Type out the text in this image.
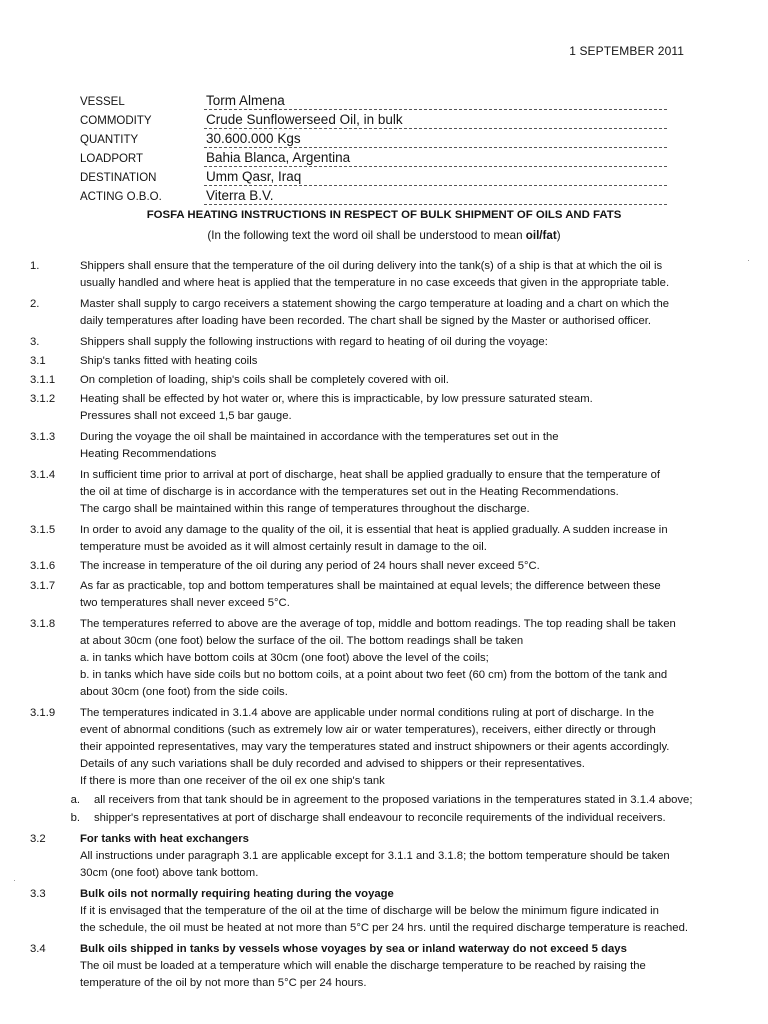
1 SEPTEMBER 2011
VESSEL	Torm Almena
COMMODITY	Crude Sunflowerseed Oil, in bulk
QUANTITY	30.600.000 Kgs
LOADPORT	Bahia Blanca, Argentina
DESTINATION	Umm Qasr, Iraq
ACTING O.B.O.	Viterra B.V.
FOSFA HEATING INSTRUCTIONS IN RESPECT OF BULK SHIPMENT OF OILS AND FATS
(In the following text the word oil shall be understood to mean oil/fat)
1.	Shippers shall ensure that the temperature of the oil during delivery into the tank(s) of a ship is that at which the oil is
usually handled and where heat is applied that the temperature in no case exceeds that given in the appropriate table.
2.	Master shall supply to cargo receivers a statement showing the cargo temperature at loading and a chart on which the
daily temperatures after loading have been recorded. The chart shall be signed by the Master or authorised officer.
3.	Shippers shall supply the following instructions with regard to heating of oil during the voyage:
3.1	Ship's tanks fitted with heating coils
3.1.1	On completion of loading, ship's coils shall be completely covered with oil.
3.1.2	Heating shall be effected by hot water or, where this is impracticable, by low pressure saturated steam.
Pressures shall not exceed 1,5 bar gauge.
3.1.3	During the voyage the oil shall be maintained in accordance with the temperatures set out in the
Heating Recommendations
3.1.4	In sufficient time prior to arrival at port of discharge, heat shall be applied gradually to ensure that the temperature of
the oil at time of discharge is in accordance with the temperatures set out in the Heating Recommendations.
The cargo shall be maintained within this range of temperatures throughout the discharge.
3.1.5	In order to avoid any damage to the quality of the oil, it is essential that heat is applied gradually. A sudden increase in
temperature must be avoided as it will almost certainly result in damage to the oil.
3.1.6	The increase in temperature of the oil during any period of 24 hours shall never exceed 5°C.
3.1.7	As far as practicable, top and bottom temperatures shall be maintained at equal levels; the difference between these
two temperatures shall never exceed 5°C.
3.1.8	The temperatures referred to above are the average of top, middle and bottom readings. The top reading shall be taken
at about 30cm (one foot) below the surface of the oil. The bottom readings shall be taken
a. in tanks which have bottom coils at 30cm (one foot) above the level of the coils;
b. in tanks which have side coils but no bottom coils, at a point about two feet (60 cm) from the bottom of the tank and
about 30cm (one foot) from the side coils.
3.1.9	The temperatures indicated in 3.1.4 above are applicable under normal conditions ruling at port of discharge. In the
event of abnormal conditions (such as extremely low air or water temperatures), receivers, either directly or through
their appointed representatives, may vary the temperatures stated and instruct shipowners or their agents accordingly.
Details of any such variations shall be duly recorded and advised to shippers or their representatives.
If there is more than one receiver of the oil ex one ship's tank
a.	all receivers from that tank should be in agreement to the proposed variations in the temperatures stated in 3.1.4 above;
b.	shipper's representatives at port of discharge shall endeavour to reconcile requirements of the individual receivers.
3.2	For tanks with heat exchangers
All instructions under paragraph 3.1 are applicable except for 3.1.1 and 3.1.8; the bottom temperature should be taken
30cm (one foot) above tank bottom.
3.3	Bulk oils not normally requiring heating during the voyage
If it is envisaged that the temperature of the oil at the time of discharge will be below the minimum figure indicated in
the schedule, the oil must be heated at not more than 5°C per 24 hrs. until the required discharge temperature is reached.
3.4	Bulk oils shipped in tanks by vessels whose voyages by sea or inland waterway do not exceed 5 days
The oil must be loaded at a temperature which will enable the discharge temperature to be reached by raising the
temperature of the oil by not more than 5°C per 24 hours.
